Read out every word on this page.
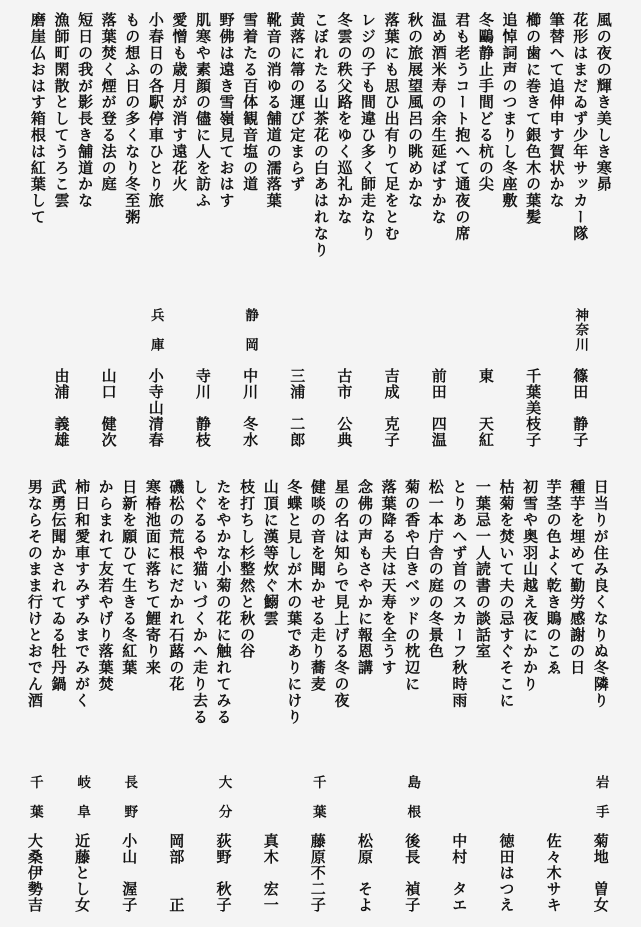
風の夜の輝き美しき寒昴
花形はまだゐず少年サッカー隊
筆替へて追伸申す賀状かな
櫛の歯に巻きて銀色木の葉髪
追悼詞声のつまりし冬座敷
冬鷗静止手間どる杭の尖
君も老うコート抱へて通夜の席
温め酒米寿の余生延ばすかな
秋の旅展望風呂の眺めかな
落葉にも思ひ出有りて足をとむ
レジの子も間違ひ多く師走なり
冬雲の秩父路をゆく巡礼かな
こぼれたる山茶花の白あはれなり
黄落に箒の運び定まらず
靴音の消ゆる舗道の濡落葉
雪着たる百体観音塩の道
野佛は遠き雪嶺見ておはす
肌寒や素顔の儘に人を訪ふ
愛憎も歳月が消す遠花火
小春日の各駅停車ひとり旅
もの想ふ日の多くなり冬至粥
落葉焚く煙が登る法の庭
短日の我が影長き舗道かな
漁師町閑散としてうろこ雲
磨崖仏おはす箱根は紅葉して
神奈川
篠田
静子
千葉
美枝子
東
天紅
前田
四温
吉成
克子
古市
公典
三浦
二郎
静岡
中川
冬水
寺川
静枝
兵庫
小寺山
清春
山口
健次
由浦
義雄
日当りが住み良くなりぬ冬隣り
種芋を埋めて勤労感謝の日
芋茎の色よく乾き鵙のこゑ
初雪や奥羽山越え夜にかかり
枯菊を焚いて夫の忌すぐそこに
一葉忌一人読書の談話室
とりあへず首のスカーフ秋時雨
松一本庁舎の庭の冬景色
菊の香や白きベッドの枕辺に
落葉降る夫は天寿を全うす
念佛の声もさやかに報恩講
星の名は知らで見上げる冬の夜
健啖の音を聞かせる走り蕎麦
冬蝶と見しが木の葉でありにけり
山頂に漢等炊ぐ鰯雲
枝打ちし杉整然と秋の谷
たをやかな小菊の花に触れてみる
しぐるるや猫いづくかへ走り去る
磯松の荒根にだかれ石蕗の花
寒椿池面に落ちて鯉寄り来
日新を願ひて生きる冬紅葉
からまれて友若やげり落葉焚
柿日和愛車すみずみまでみがく
武勇伝聞かされてゐる牡丹鍋
男ならそのまま行けとおでん酒
岩手
菊地
曽女
佐々木
サキ
徳田
はつえ
中村
タエ
島根
後長
禎子
松原
そよ
千葉
藤原
不二子
真木
宏一
大分
荻野
秋子
岡部
正
長野
小山
渥子
岐阜
近藤
とし女
千葉
大桑
伊勢吉
